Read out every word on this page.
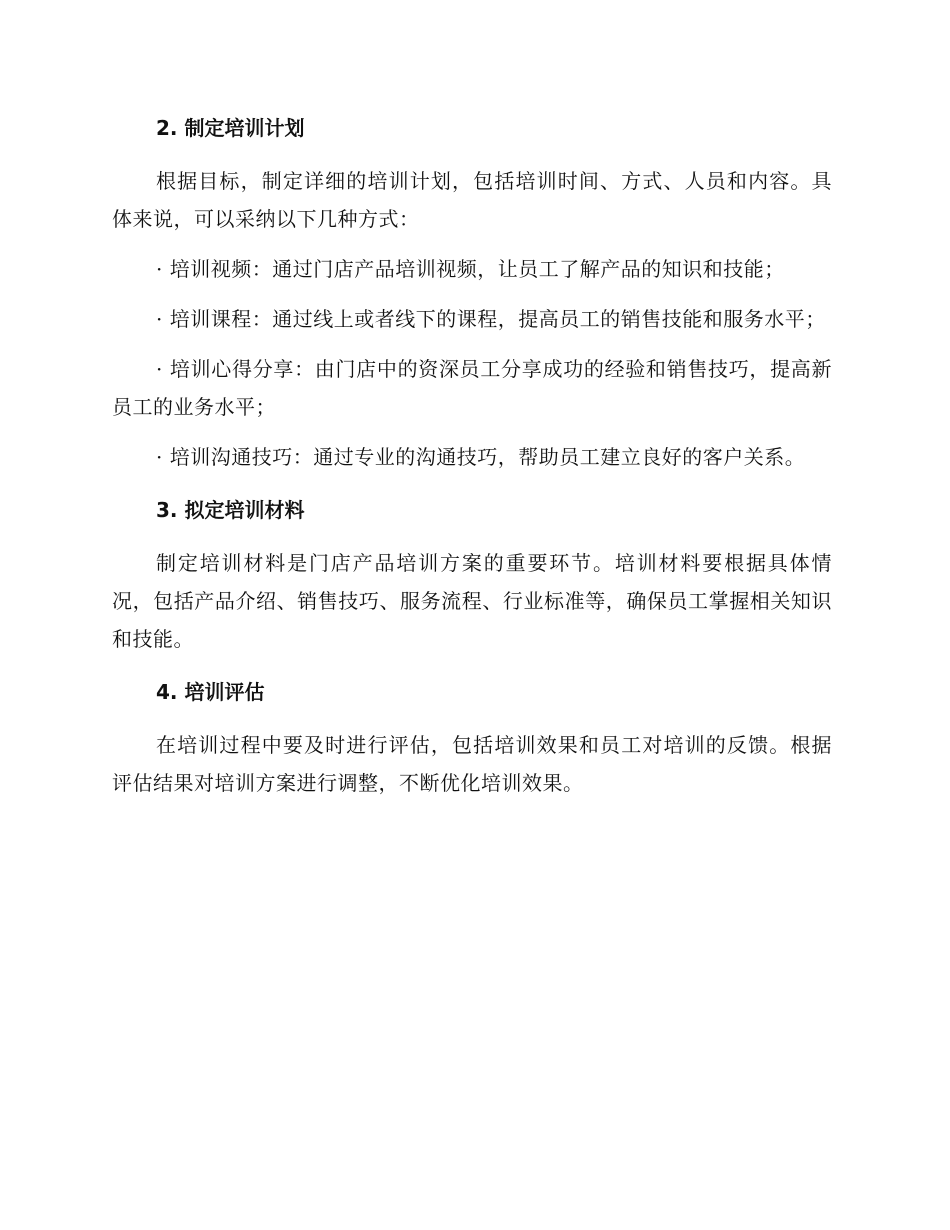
2. 制定培训计划

根据目标，制定详细的培训计划，包括培训时间、方式、人员和内容。具体来说，可以采纳以下几种方式：

· 培训视频：通过门店产品培训视频，让员工了解产品的知识和技能；

· 培训课程：通过线上或者线下的课程，提高员工的销售技能和服务水平；

· 培训心得分享：由门店中的资深员工分享成功的经验和销售技巧，提高新员工的业务水平；

· 培训沟通技巧：通过专业的沟通技巧，帮助员工建立良好的客户关系。

3. 拟定培训材料

制定培训材料是门店产品培训方案的重要环节。培训材料要根据具体情况，包括产品介绍、销售技巧、服务流程、行业标准等，确保员工掌握相关知识和技能。

4. 培训评估

在培训过程中要及时进行评估，包括培训效果和员工对培训的反馈。根据评估结果对培训方案进行调整，不断优化培训效果。
